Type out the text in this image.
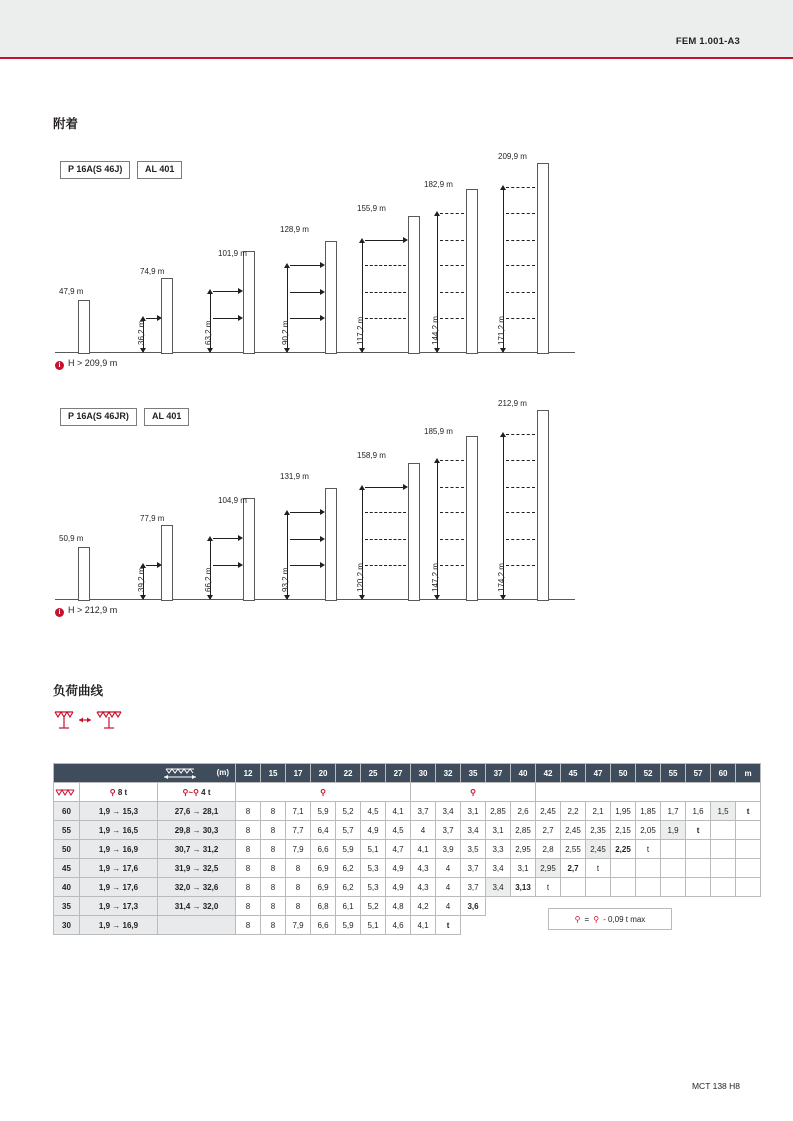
FEM 1.001-A3
附着
P 16A(S 46J)	AL 401
47,9 m
74,9 m
36,2 m
101,9 m
63,2 m
128,9 m
90,2 m
155,9 m
117,2 m
182,9 m
144,2 m
209,9 m
171,2 m
i H > 209,9 m
P 16A(S 46JR)	AL 401
50,9 m
77,9 m
39,2 m
104,9 m
66,2 m
131,9 m
93,2 m
158,9 m
120,2 m
185,9 m
147,2 m
212,9 m
174,2 m
i H > 212,9 m
负荷曲线
(m)			12	15	17	20	22	25	27	30	32	35	37	40	42	45	47	50	52	55	57	60	m

	⚲ 8 t	⚲~⚲ 4 t	⚲							⚲													
60	1,9 → 15,3	27,6 → 28,1	8	8	7,1	5,9	5,2	4,5	4,1	3,7	3,4	3,1	2,85	2,6	2,45	2,2	2,1	1,95	1,85	1,7	1,6	1,5	t
55	1,9 → 16,5	29,8 → 30,3	8	8	7,7	6,4	5,7	4,9	4,5	4	3,7	3,4	3,1	2,85	2,7	2,45	2,35	2,15	2,05	1,9	t		
50	1,9 → 16,9	30,7 → 31,2	8	8	7,9	6,6	5,9	5,1	4,7	4,1	3,9	3,5	3,3	2,95	2,8	2,55	2,45	2,25	t				
45	1,9 → 17,6	31,9 → 32,5	8	8	8	6,9	6,2	5,3	4,9	4,3	4	3,7	3,4	3,1	2,95	2,7	t						
40	1,9 → 17,6	32,0 → 32,6	8	8	8	6,9	6,2	5,3	4,9	4,3	4	3,7	3,4	3,13	t								
35	1,9 → 17,3	31,4 → 32,0	8	8	8	6,8	6,1	5,2	4,8	4,2	4	3,6											
30	1,9 → 16,9		8	8	7,9	6,6	5,9	5,1	4,6	4,1	t												
⚲ = ⚲ - 0,09 t max
MCT 138 H8
